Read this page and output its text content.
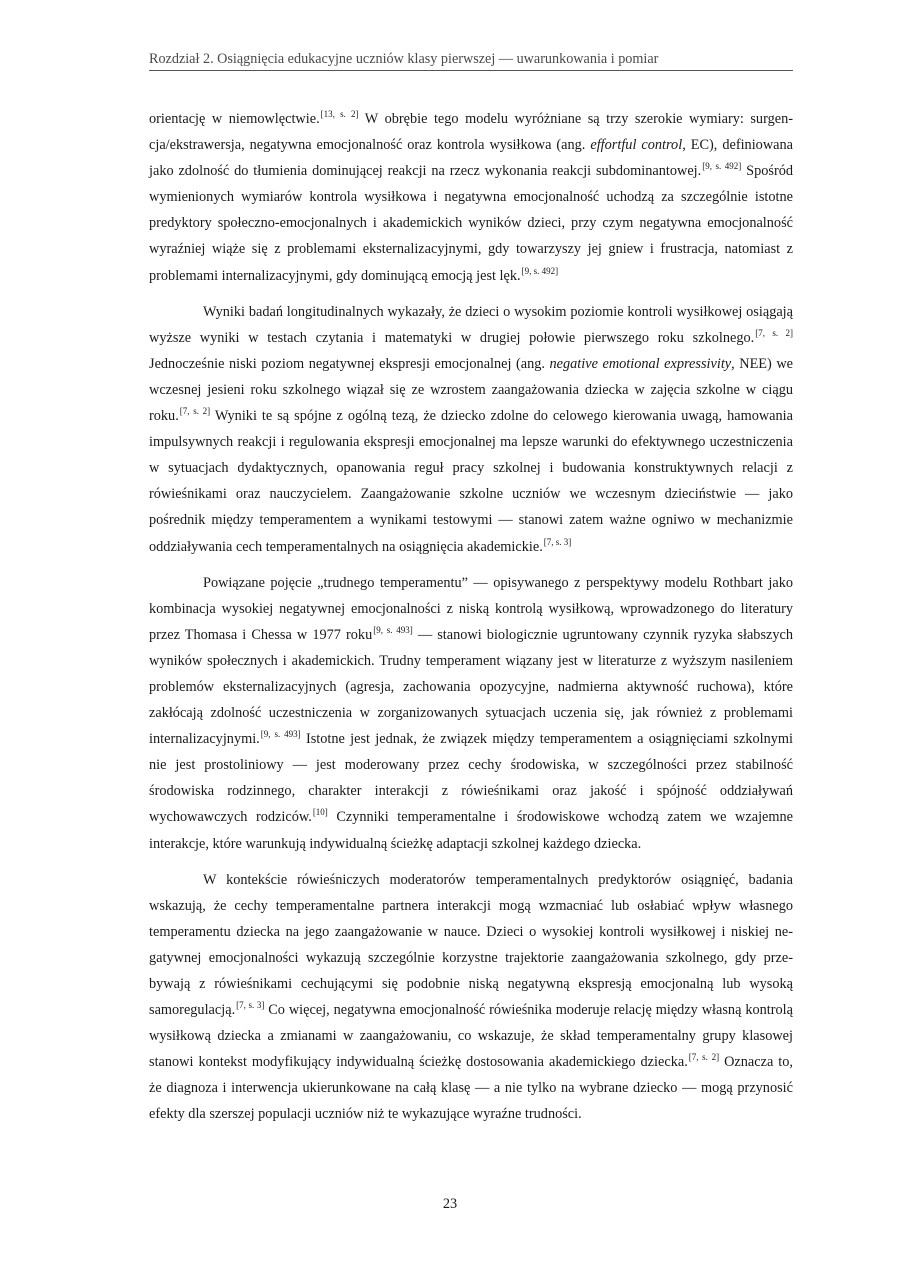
Rozdział 2. Osiągnięcia edukacyjne uczniów klasy pierwszej — uwarunkowania i pomiar

orientację w niemowlęctwie.[13, s. 2] W obrębie tego modelu wyróżniane są trzy szerokie wymiary: surgencja/ekstrawersja, negatywna emocjonalność oraz kontrola wysiłkowa (ang. effortful control, EC), definiowana jako zdolność do tłumienia dominującej reakcji na rzecz wykonania reakcji subdominantowej.[9, s. 492] Spośród wymienionych wymiarów kontrola wysiłkowa i negatywna emocjonalność uchodzą za szczególnie istotne predyktory społeczno-emocjonalnych i akademickich wyników dzieci, przy czym negatywna emocjonalność wyraźniej wiąże się z problemami eksternalizacyjnymi, gdy towarzyszy jej gniew i frustracja, natomiast z problemami internalizacyjnymi, gdy dominującą emocją jest lęk.[9, s. 492]

Wyniki badań longitudinalnych wykazały, że dzieci o wysokim poziomie kontroli wysiłkowej osiągają wyższe wyniki w testach czytania i matematyki w drugiej połowie pierwszego roku szkolnego.[7, s. 2] Jednocześnie niski poziom negatywnej ekspresji emocjonalnej (ang. negative emotional expressivity, NEE) we wczesnej jesieni roku szkolnego wiązał się ze wzrostem zaangażowania dziecka w zajęcia szkolne w ciągu roku.[7, s. 2] Wyniki te są spójne z ogólną tezą, że dziecko zdolne do celowego kierowania uwagą, hamowania impulsywnych reakcji i regulowania ekspresji emocjonalnej ma lepsze warunki do efektywnego uczestniczenia w sytuacjach dydaktycznych, opanowania reguł pracy szkolnej i budowania konstruktywnych relacji z rówieśnikami oraz nauczycielem. Zaangażowanie szkolne uczniów we wczesnym dzieciństwie — jako pośrednik między temperamentem a wynikami testowymi — stanowi zatem ważne ogniwo w mechanizmie oddziaływania cech temperamentalnych na osiągnięcia akademickie.[7, s. 3]

Powiązane pojęcie „trudnego temperamentu” — opisywanego z perspektywy modelu Rothbart jako kombinacja wysokiej negatywnej emocjonalności z niską kontrolą wysiłkową, wprowadzonego do literatury przez Thomasa i Chessa w 1977 roku[9, s. 493] — stanowi biologicznie ugruntowany czynnik ryzyka słabszych wyników społecznych i akademickich. Trudny temperament wiązany jest w literaturze z wyższym nasileniem problemów eksternalizacyjnych (agresja, zachowania opozycyjne, nadmierna aktywność ruchowa), które zakłócają zdolność uczestniczenia w zorganizowanych sytuacjach uczenia się, jak również z problemami internalizacyjnymi.[9, s. 493] Istotne jest jednak, że związek między temperamentem a osiągnięciami szkolnymi nie jest prostoliniowy — jest moderowany przez cechy środowiska, w szczególności przez stabilność środowiska rodzinnego, charakter interakcji z rówieśnikami oraz jakość i spójność oddziaływań wychowawczych rodziców.[10] Czynniki temperamentalne i środowiskowe wchodzą zatem we wzajemne interakcje, które warunkują indywidualną ścieżkę adaptacji szkolnej każdego dziecka.

W kontekście rówieśniczych moderatorów temperamentalnych predyktorów osiągnięć, badania wskazują, że cechy temperamentalne partnera interakcji mogą wzmacniać lub osłabiać wpływ własnego temperamentu dziecka na jego zaangażowanie w nauce. Dzieci o wysokiej kontroli wysiłkowej i niskiej negatywnej emocjonalności wykazują szczególnie korzystne trajektorie zaangażowania szkolnego, gdy przebywają z rówieśnikami cechującymi się podobnie niską negatywną ekspresją emocjonalną lub wysoką samoregulacją.[7, s. 3] Co więcej, negatywna emocjonalność rówieśnika moderuje relację między własną kontrolą wysiłkową dziecka a zmianami w zaangażowaniu, co wskazuje, że skład temperamentalny grupy klasowej stanowi kontekst modyfikujący indywidualną ścieżkę dostosowania akademickiego dziecka.[7, s. 2] Oznacza to, że diagnoza i interwencja ukierunkowane na całą klasę — a nie tylko na wybrane dziecko — mogą przynosić efekty dla szerszej populacji uczniów niż te wykazujące wyraźne trudności.

23
